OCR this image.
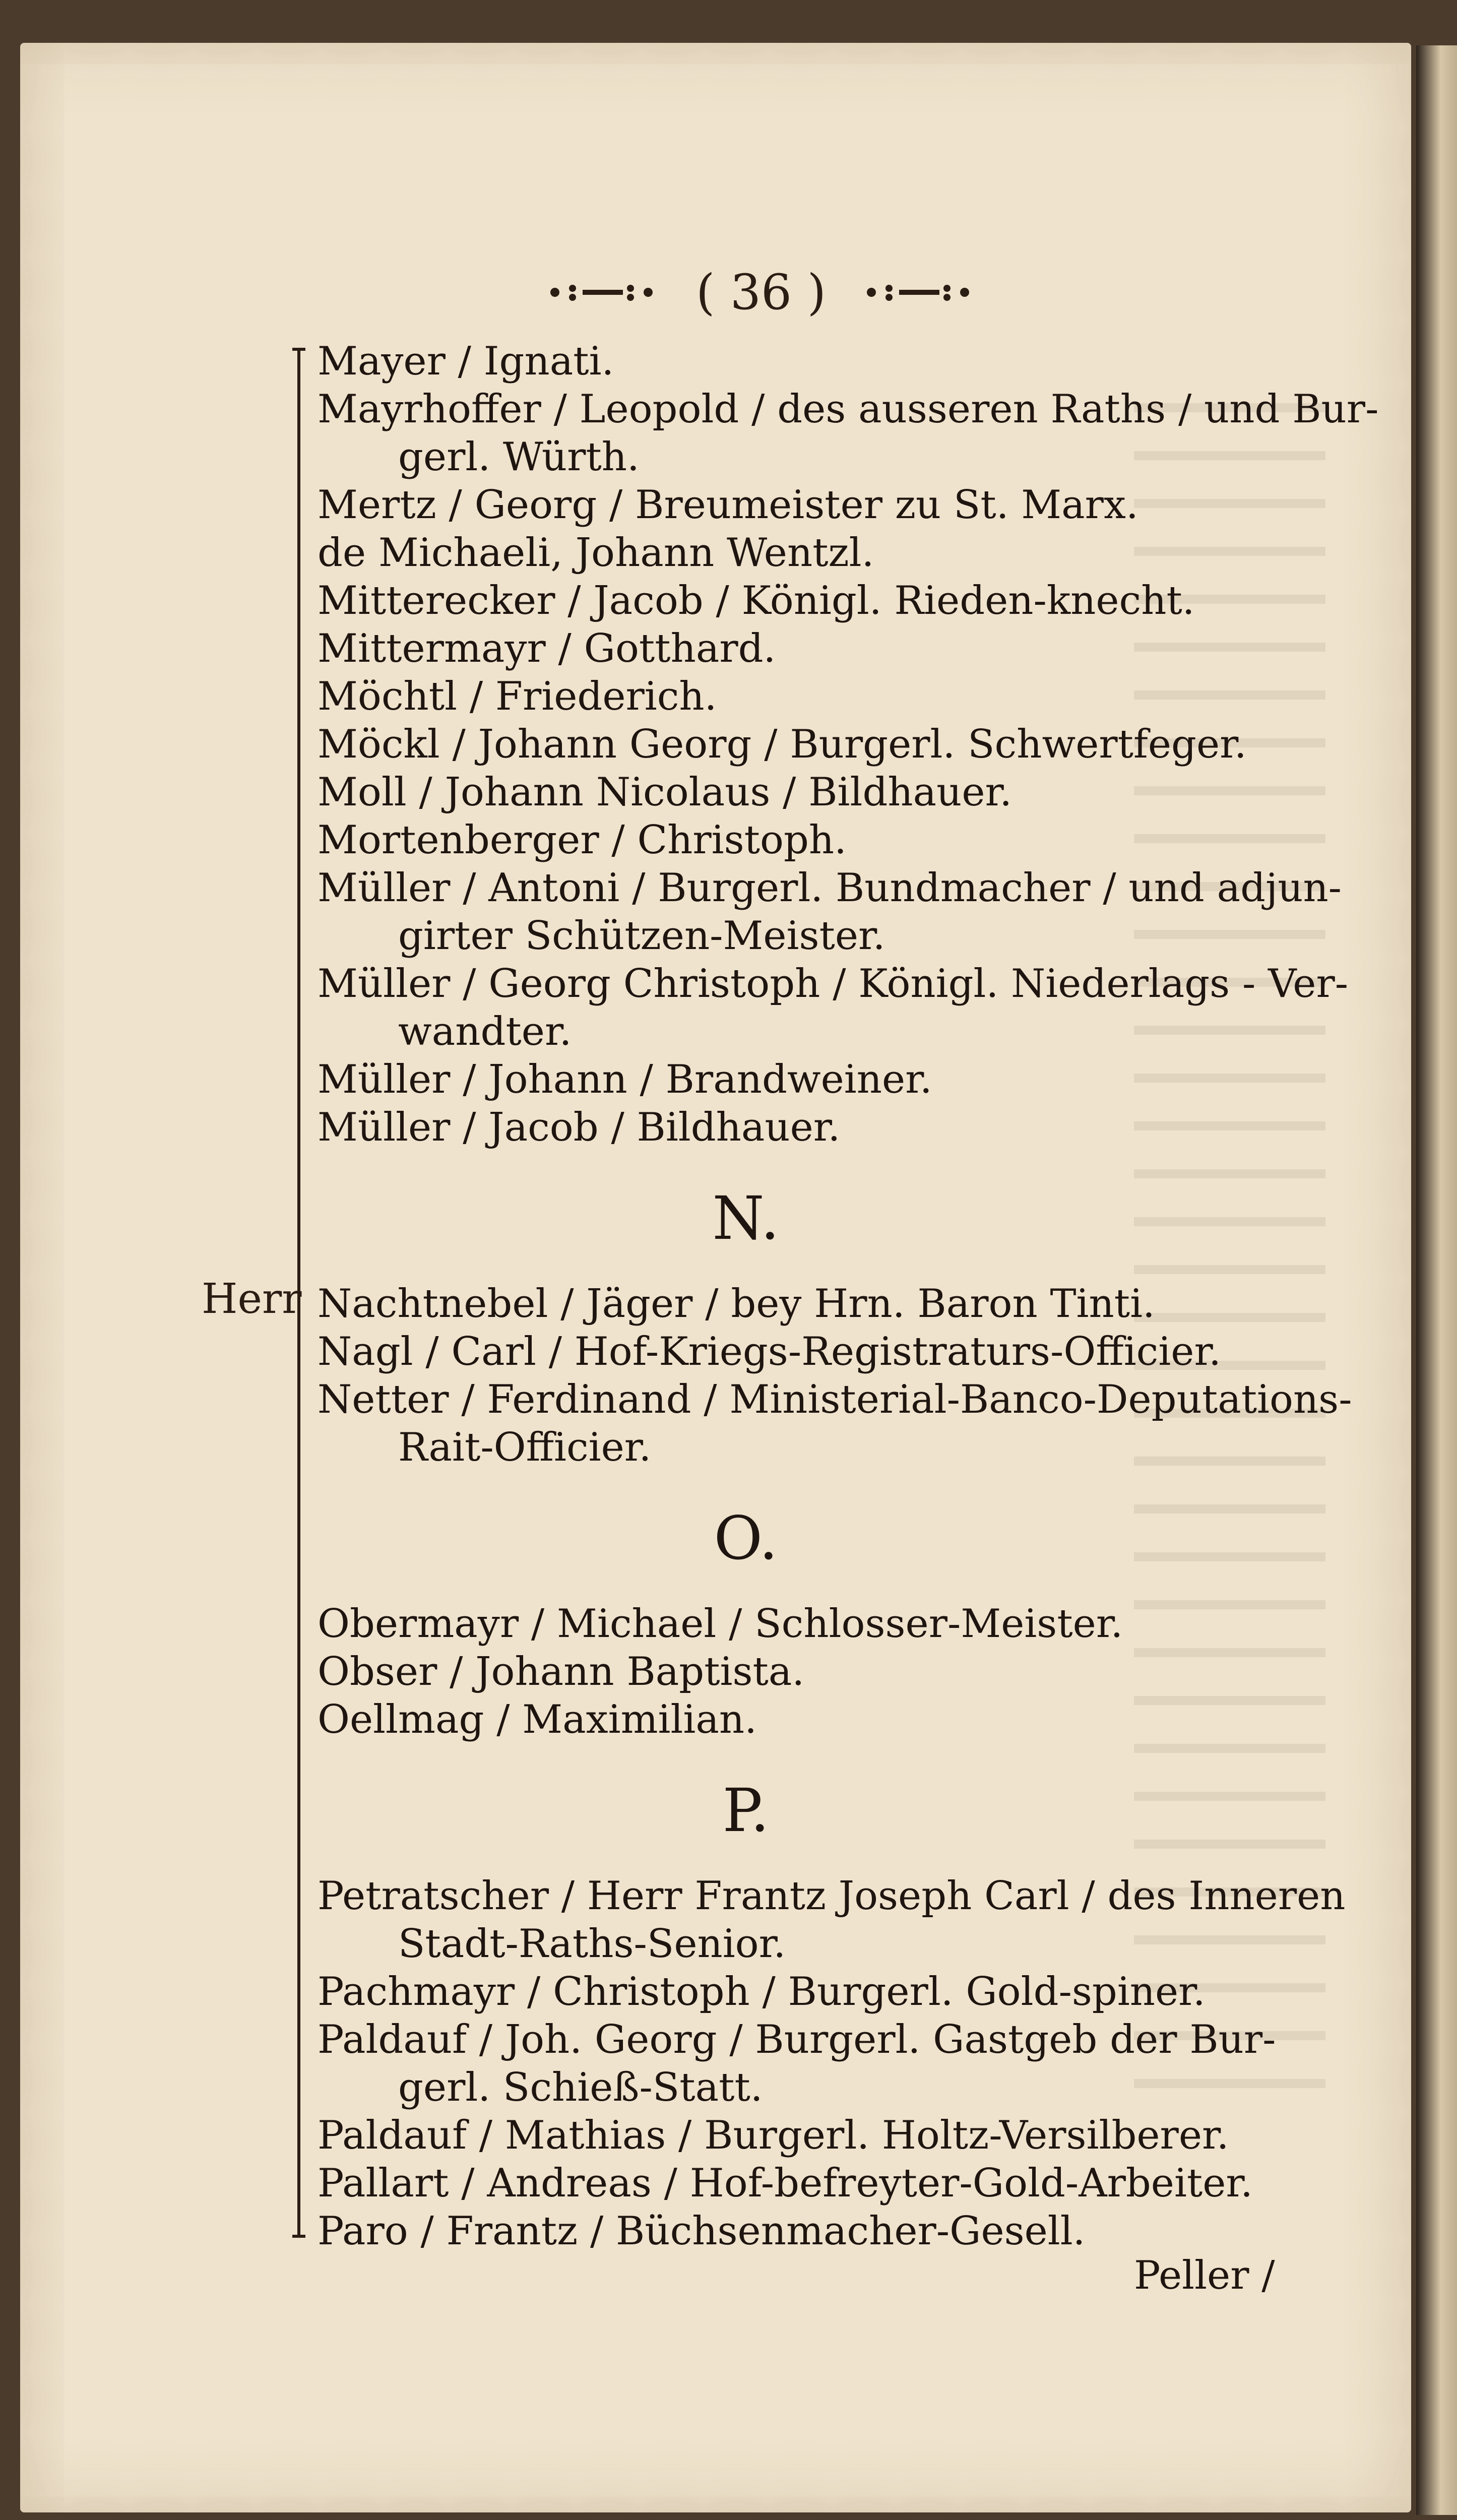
( 36 )
Herr
Mayer / Ignati.
Mayrhoffer / Leopold / des ausseren Raths / und Bur-
gerl. Würth.
Mertz / Georg / Breumeister zu St. Marx.
de Michaeli, Johann Wentzl.
Mitterecker / Jacob / Königl. Rieden-knecht.
Mittermayr / Gotthard.
Möchtl / Friederich.
Möckl / Johann Georg / Burgerl. Schwertfeger.
Moll / Johann Nicolaus / Bildhauer.
Mortenberger / Christoph.
Müller / Antoni / Burgerl. Bundmacher / und adjun-
girter Schützen-Meister.
Müller / Georg Christoph / Königl. Niederlags - Ver-
wandter.
Müller / Johann / Brandweiner.
Müller / Jacob / Bildhauer.
N.
Nachtnebel / Jäger / bey Hrn. Baron Tinti.
Nagl / Carl / Hof-Kriegs-Registraturs-Officier.
Netter / Ferdinand / Ministerial-Banco-Deputations-
Rait-Officier.
O.
Obermayr / Michael / Schlosser-Meister.
Obser / Johann Baptista.
Oellmag / Maximilian.
P.
Petratscher / Herr Frantz Joseph Carl / des Inneren
Stadt-Raths-Senior.
Pachmayr / Christoph / Burgerl. Gold-spiner.
Paldauf / Joh. Georg / Burgerl. Gastgeb der Bur-
gerl. Schieß-Statt.
Paldauf / Mathias / Burgerl. Holtz-Versilberer.
Pallart / Andreas / Hof-befreyter-Gold-Arbeiter.
Paro / Frantz / Büchsenmacher-Gesell.
Peller /
